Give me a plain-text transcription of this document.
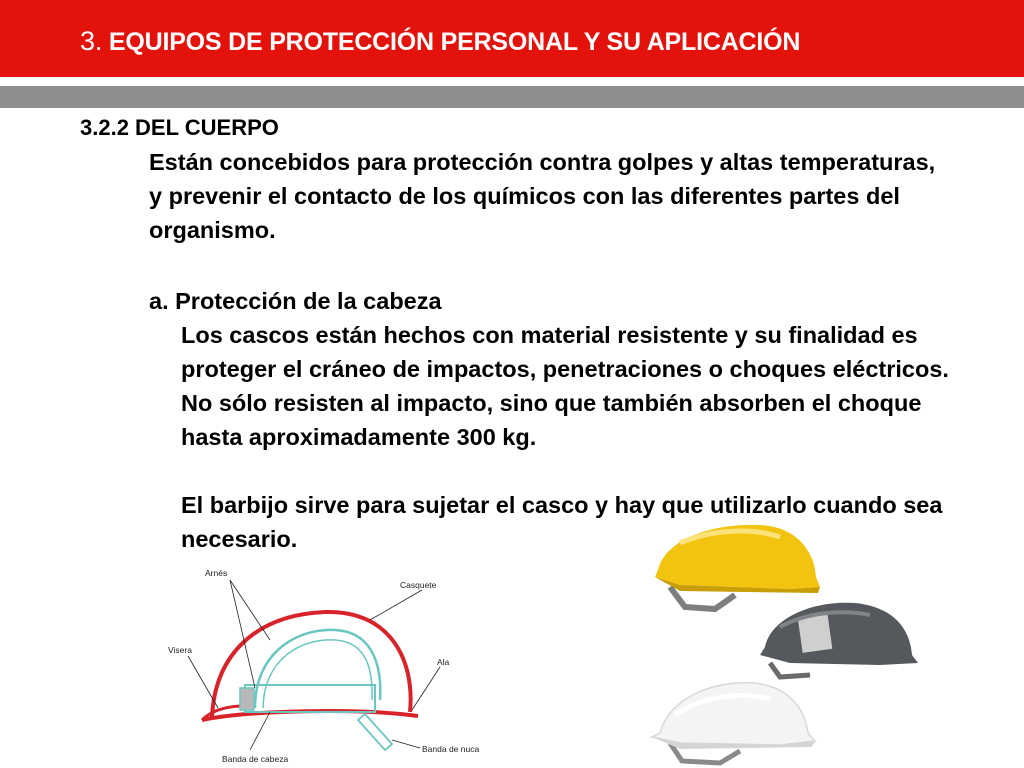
3. EQUIPOS DE PROTECCIÓN PERSONAL Y SU APLICACIÓN
3.2.2 DEL CUERPO
Están concebidos para protección contra golpes y altas temperaturas, y prevenir el contacto de los químicos con las diferentes partes del organismo.
a. Protección de la cabeza
Los cascos están hechos con material resistente y su finalidad es proteger el cráneo de impactos, penetraciones o choques eléctricos. No sólo resisten al impacto, sino que también absorben el choque hasta aproximadamente 300 kg.
El barbijo sirve para sujetar el casco y hay que utilizarlo cuando sea necesario.
Arnés
Casquete
Visera
Ala
Banda de cabeza
Banda de nuca
